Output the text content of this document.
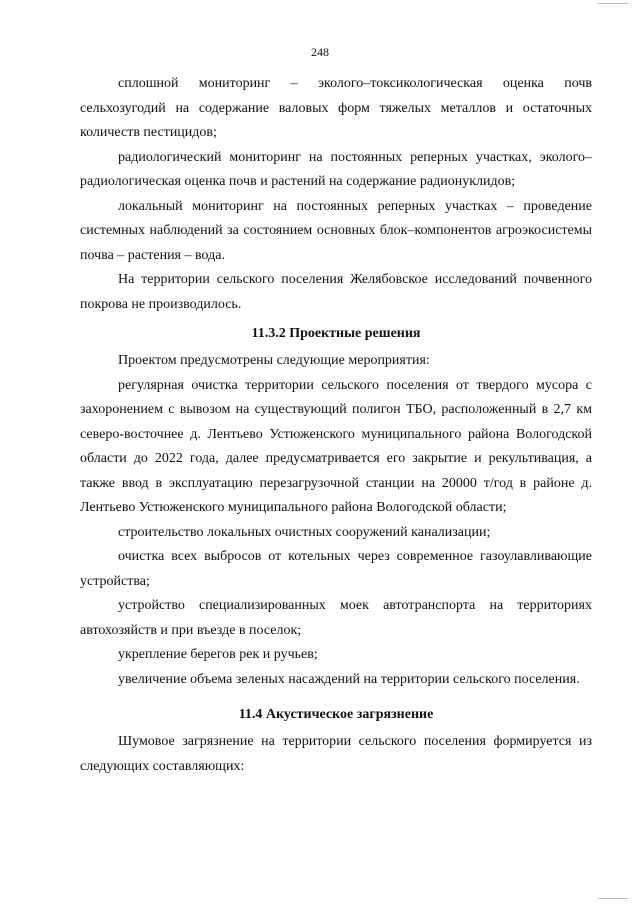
248

сплошной мониторинг – эколого–токсикологическая оценка почв сельхозугодий на содержание валовых форм тяжелых металлов и остаточных количеств пестицидов;

радиологический мониторинг на постоянных реперных участках, эколого–радиологическая оценка почв и растений на содержание радионуклидов;

локальный мониторинг на постоянных реперных участках – проведение системных наблюдений за состоянием основных блок–компонентов агроэкосистемы почва – растения – вода.

На территории сельского поселения Желябовское исследований почвенного покрова не производилось.

11.3.2 Проектные решения

Проектом предусмотрены следующие мероприятия:

регулярная очистка территории сельского поселения от твердого мусора с захоронением с вывозом на существующий полигон ТБО, расположенный в 2,7 км северо-восточнее д. Лентьево Устюженского муниципального района Вологодской области до 2022 года, далее предусматривается его закрытие и рекультивация, а также ввод в эксплуатацию перезагрузочной станции на 20000 т/год в районе д. Лентьево Устюженского муниципального района Вологодской области;

строительство локальных очистных сооружений канализации;

очистка всех выбросов от котельных через современное газоулавливающие устройства;

устройство специализированных моек автотранспорта на территориях автохозяйств и при въезде в поселок;

укрепление берегов рек и ручьев;

увеличение объема зеленых насаждений на территории сельского поселения.

11.4 Акустическое загрязнение

Шумовое загрязнение на территории сельского поселения формируется из следующих составляющих:
